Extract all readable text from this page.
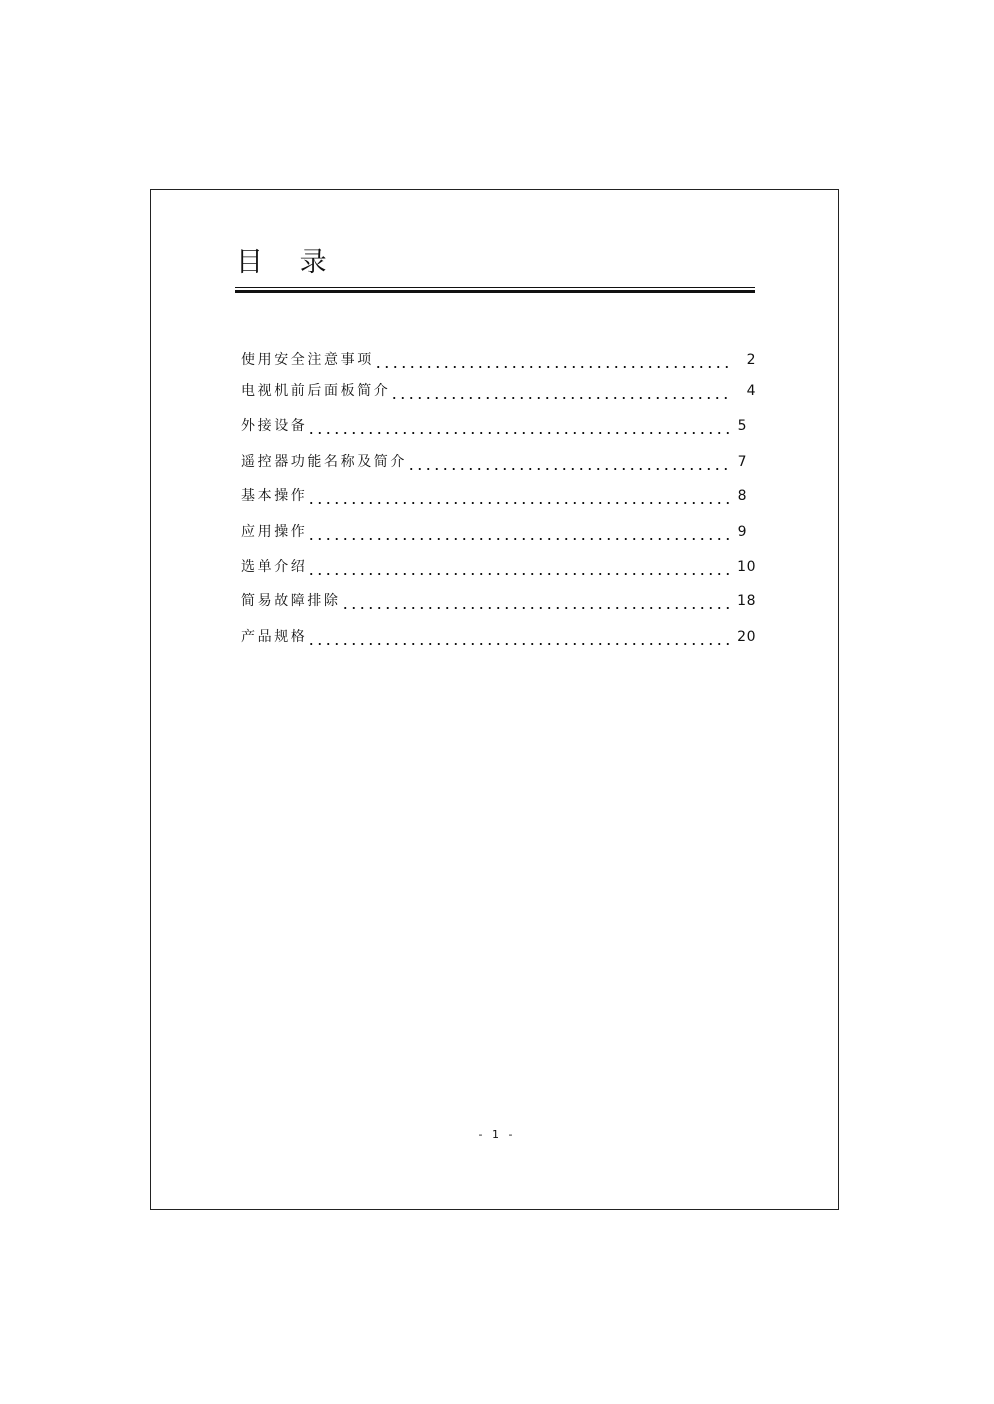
目 录
使用安全注意事项	2
电视机前后面板简介	4
外接设备	5
遥控器功能名称及简介	7
基本操作	8
应用操作	9
选单介绍	10
简易故障排除	18
产品规格	20
- 1 -
